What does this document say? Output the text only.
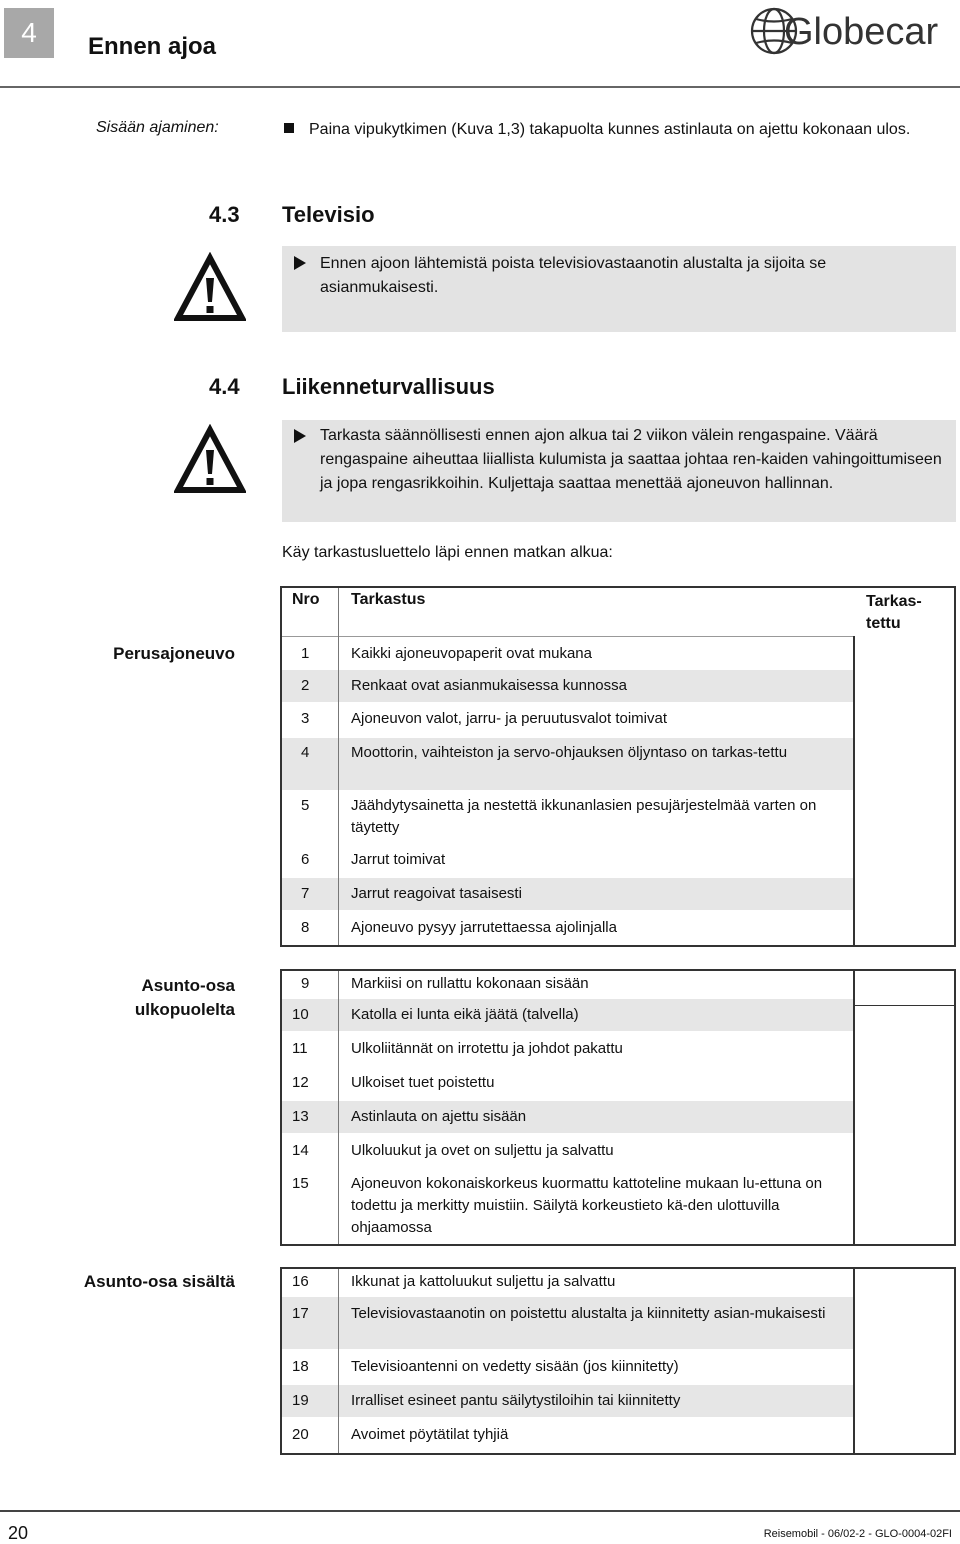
4 Ennen ajoa	Globecar
Sisään ajaminen:	Paina vipukytkimen (Kuva 1,3) takapuolta kunnes astinlauta on ajettu kokonaan ulos.
4.3 Televisio
Ennen ajoon lähtemistä poista televisiovastaanotin alustalta ja sijoita se asianmukaisesti.
4.4 Liikenneturvallisuus
Tarkasta säännöllisesti ennen ajon alkua tai 2 viikon välein rengaspaine. Väärä rengaspaine aiheuttaa liiallista kulumista ja saattaa johtaa ren-kaiden vahingoittumiseen ja jopa rengasrikkoihin. Kuljettaja saattaa menettää ajoneuvon hallinnan.
Käy tarkastusluettelo läpi ennen matkan alkua:
Nro Tarkastus	Tarkas-tettu
Perusajoneuvo	1	Kaikki ajoneuvopaperit ovat mukana
2	Renkaat ovat asianmukaisessa kunnossa
3	Ajoneuvon valot, jarru- ja peruutusvalot toimivat
4	Moottorin, vaihteiston ja servo-ohjauksen öljyntaso on tarkas-tettu
5	Jäähdytysainetta ja nestettä ikkunanlasien pesujärjestelmää varten on täytetty
6	Jarrut toimivat
7	Jarrut reagoivat tasaisesti
8	Ajoneuvo pysyy jarrutettaessa ajolinjalla
Asunto-osa ulkopuolelta
9	Markiisi on rullattu kokonaan sisään
10	Katolla ei lunta eikä jäätä (talvella)
11	Ulkoliitännät on irrotettu ja johdot pakattu
12	Ulkoiset tuet poistettu
13	Astinlauta on ajettu sisään
14	Ulkoluukut ja ovet on suljettu ja salvattu
15	Ajoneuvon kokonaiskorkeus kuormattu kattoteline mukaan lu-ettuna on todettu ja merkitty muistiin. Säilytä korkeustieto kä-den ulottuvilla ohjaamossa
Asunto-osa sisältä	16	Ikkunat ja kattoluukut suljettu ja salvattu
17	Televisiovastaanotin on poistettu alustalta ja kiinnitetty asian-mukaisesti
18	Televisioantenni on vedetty sisään (jos kiinnitetty)
19	Irralliset esineet pantu säilytystiloihin tai kiinnitetty
20	Avoimet pöytätilat tyhjiä
20	Reisemobil - 06/02-2 - GLO-0004-02FI
